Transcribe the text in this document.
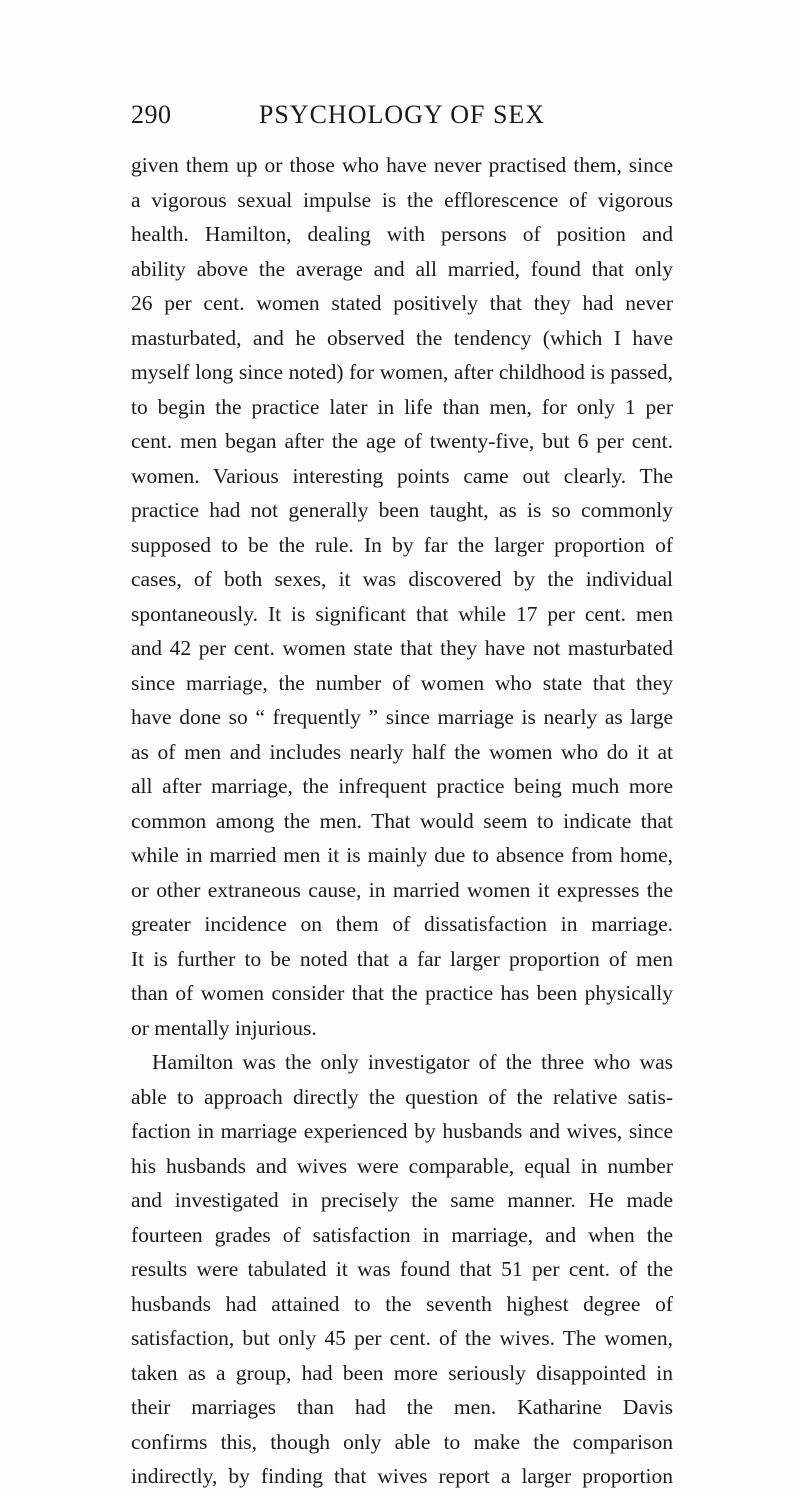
290	PSYCHOLOGY OF SEX
given them up or those who have never practised them, since
a vigorous sexual impulse is the efflorescence of vigorous
health. Hamilton, dealing with persons of position and
ability above the average and all married, found that only
26 per cent. women stated positively that they had never
masturbated, and he observed the tendency (which I have
myself long since noted) for women, after childhood is passed,
to begin the practice later in life than men, for only 1 per
cent. men began after the age of twenty-five, but 6 per cent.
women. Various interesting points came out clearly. The
practice had not generally been taught, as is so commonly
supposed to be the rule. In by far the larger proportion of
cases, of both sexes, it was discovered by the individual
spontaneously. It is significant that while 17 per cent. men
and 42 per cent. women state that they have not masturbated
since marriage, the number of women who state that they
have done so “ frequently ” since marriage is nearly as large
as of men and includes nearly half the women who do it at
all after marriage, the infrequent practice being much more
common among the men. That would seem to indicate that
while in married men it is mainly due to absence from home,
or other extraneous cause, in married women it expresses the
greater incidence on them of dissatisfaction in marriage.
It is further to be noted that a far larger proportion of men
than of women consider that the practice has been physically
or mentally injurious.
Hamilton was the only investigator of the three who was
able to approach directly the question of the relative satis-
faction in marriage experienced by husbands and wives, since
his husbands and wives were comparable, equal in number
and investigated in precisely the same manner. He made
fourteen grades of satisfaction in marriage, and when the
results were tabulated it was found that 51 per cent. of the
husbands had attained to the seventh highest degree of
satisfaction, but only 45 per cent. of the wives. The women,
taken as a group, had been more seriously disappointed in
their marriages than had the men. Katharine Davis
confirms this, though only able to make the comparison
indirectly, by finding that wives report a larger proportion
